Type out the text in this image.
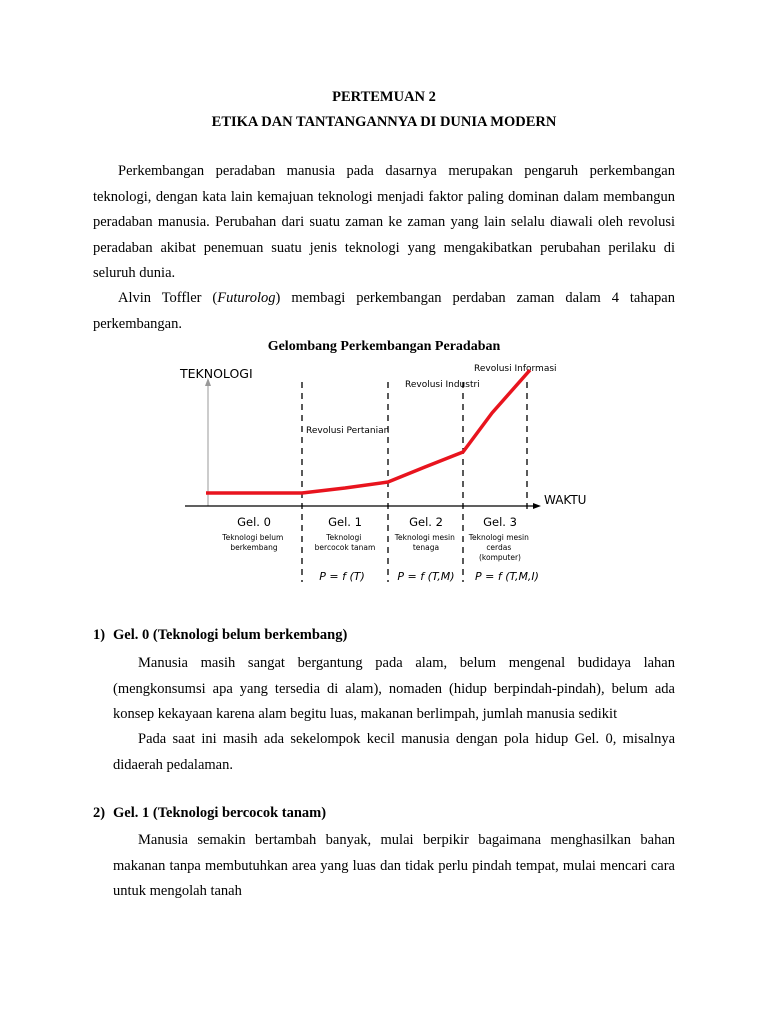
PERTEMUAN 2
ETIKA DAN TANTANGANNYA DI DUNIA MODERN

Perkembangan peradaban manusia pada dasarnya merupakan pengaruh perkembangan teknologi, dengan kata lain kemajuan teknologi menjadi faktor paling dominan dalam membangun peradaban manusia. Perubahan dari suatu zaman ke zaman yang lain selalu diawali oleh revolusi peradaban akibat penemuan suatu jenis teknologi yang mengakibatkan perubahan perilaku di seluruh dunia.

Alvin Toffler (Futurolog) membagi perkembangan perdaban zaman dalam 4 tahapan perkembangan.

Gelombang Perkembangan Peradaban
TEKNOLOGI
WAKTU
Revolusi Pertanian
Revolusi Industri
Revolusi Informasi
Gel. 0	Gel. 1	Gel. 2	Gel. 3
Teknologi belum berkembang
Teknologi bercocok tanam
Teknologi mesin tenaga
Teknologi mesin cerdas (komputer)
P = f (T)	P = f (T,M) P = f (T,M,I)
1) Gel. 0 (Teknologi belum berkembang)

Manusia masih sangat bergantung pada alam, belum mengenal budidaya lahan (mengkonsumsi apa yang tersedia di alam), nomaden (hidup berpindah-pindah), belum ada konsep kekayaan karena alam begitu luas, makanan berlimpah, jumlah manusia sedikit

Pada saat ini masih ada sekelompok kecil manusia dengan pola hidup Gel. 0, misalnya didaerah pedalaman.

2) Gel. 1 (Teknologi bercocok tanam)

Manusia semakin bertambah banyak, mulai berpikir bagaimana menghasilkan bahan makanan tanpa membutuhkan area yang luas dan tidak perlu pindah tempat, mulai mencari cara untuk mengolah tanah
